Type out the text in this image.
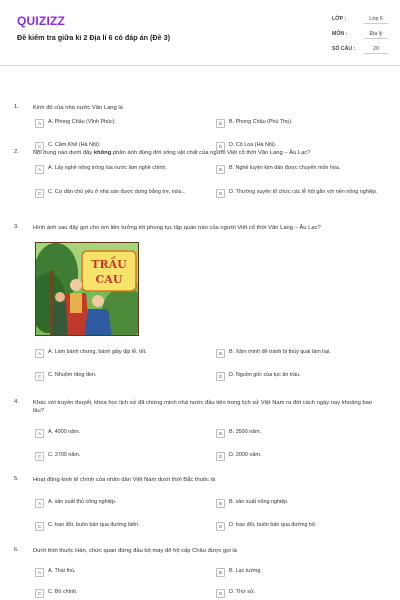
QUIZIZZ
Đề kiểm tra giữa kì 2 Địa lí 6 có đáp án (Đề 3)
LỚP :	Lớp 6
MÔN :	Địa lý
SỐ CÂU :	20
1. Kinh đô của nhà nước Văn Lang là
A	A. Phong Châu (Vĩnh Phúc).	B	B. Phong Châu (Phú Thọ).
C	C. Cẩm Khê (Hà Nội).	D	D. Cổ Loa (Hà Nội).
2. Nội dung nào dưới đây không phản ánh đúng đời sống vật chất của người Việt cổ thời Văn Lang – Âu Lạc?
A	A. Lấy nghề nông trồng lúa nước làm nghề chính.	B	B. Nghề luyện kim dần được chuyên môn hóa.
C	C. Cư dân chủ yếu ở nhà sàn được dựng bằng tre, nứa...	D	D. Thường xuyên tổ chức các lễ hội gắn với nền nông nghiệp.
3. Hình ảnh sau đây gợi cho em liên tưởng tới phong tục tập quán nào của người Việt cổ thời Văn Lang – Âu Lạc?
A	A. Làm bánh chưng, bánh giầy dịp lễ, tết.	B	B. Xăm mình để tránh bị thủy quái làm hại.
C	C. Nhuộm răng đen.	D	D. Nguồn gốc của tục ăn trầu.
TRẦU
CAU
4. Khác với truyền thuyết, khoa học lịch sử đã chứng minh nhà nước đầu tiên trong lịch sử Việt Nam ra đời cách ngày nay khoảng bao lâu?
A	A. 4000 năm.	B	B. 3500 năm.
C	C. 2700 năm.	D	D. 2000 năm.
5. Hoạt động kinh tế chính của nhân dân Việt Nam dưới thời Bắc thuộc là
A	A. sản xuất thủ công nghiệp.	B	B. sản xuất nông nghiệp.
C	C. trao đổi, buôn bán qua đường biển.	D	D. trao đổi, buôn bán qua đường bộ.
6. Dưới thời thuộc Hán, chức quan đứng đầu bộ máy đô hộ cấp Châu được gọi là
A	A. Thái thú.	B	B. Lạc tướng.
C	C. Bồ chính.	D	D. Thứ sử.
